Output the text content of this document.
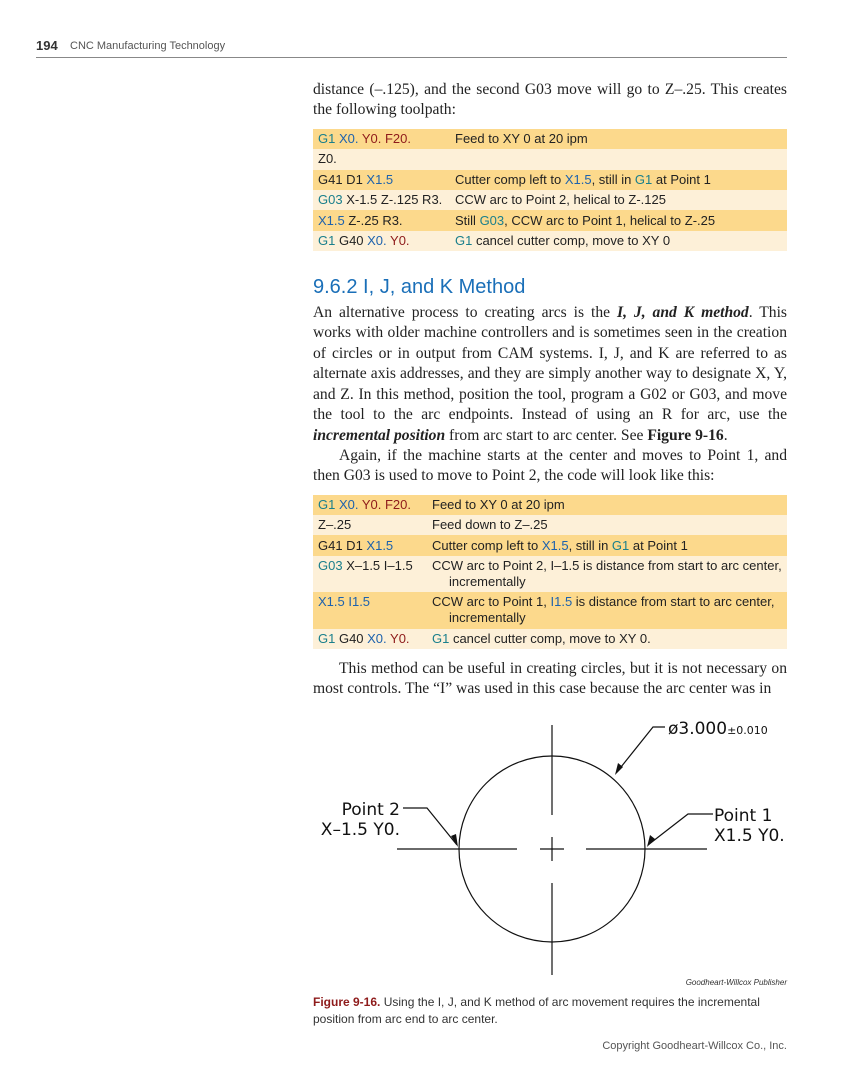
194 CNC Manufacturing Technology

distance (–.125), and the second G03 move will go to Z–.25. This creates the following toolpath:

G1 X0. Y0. F20.	Feed to XY 0 at 20 ipm

Z0.	

G41 D1 X1.5	Cutter comp left to X1.5, still in G1 at Point 1

G03 X-1.5 Z-.125 R3.	CCW arc to Point 2, helical to Z-.125

X1.5 Z-.25 R3.	Still G03, CCW arc to Point 1, helical to Z-.25

G1 G40 X0. Y0.	G1 cancel cutter comp, move to XY 0
9.6.2 I, J, and K Method

An alternative process to creating arcs is the I, J, and K method. This works with older machine controllers and is sometimes seen in the creation of circles or in output from CAM systems. I, J, and K are referred to as alternate axis addresses, and they are simply another way to designate X, Y, and Z. In this method, position the tool, program a G02 or G03, and move the tool to the arc endpoints. Instead of using an R for arc, use the incremental position from arc start to arc center. See Figure 9-16.

Again, if the machine starts at the center and moves to Point 1, and then G03 is used to move to Point 2, the code will look like this:

G1 X0. Y0. F20.	Feed to XY 0 at 20 ipm

Z–.25	Feed down to Z–.25

G41 D1 X1.5	Cutter comp left to X1.5, still in G1 at Point 1

G03 X–1.5 I–1.5	CCW arc to Point 2, I–1.5 is distance from start to arc center, incrementally

X1.5 I1.5	CCW arc to Point 1, I1.5 is distance from start to arc center, incrementally

G1 G40 X0. Y0.	G1 cancel cutter comp, move to XY 0.

This method can be useful in creating circles, but it is not necessary on most controls. The “I” was used in this case because the arc center was in

ø3.000±0.010
Point 2
X–1.5 Y0.
Point 1
X1.5 Y0.
Goodheart-Willcox Publisher

Figure 9-16. Using the I, J, and K method of arc movement requires the incremental position from arc end to arc center.

Copyright Goodheart-Willcox Co., Inc.
